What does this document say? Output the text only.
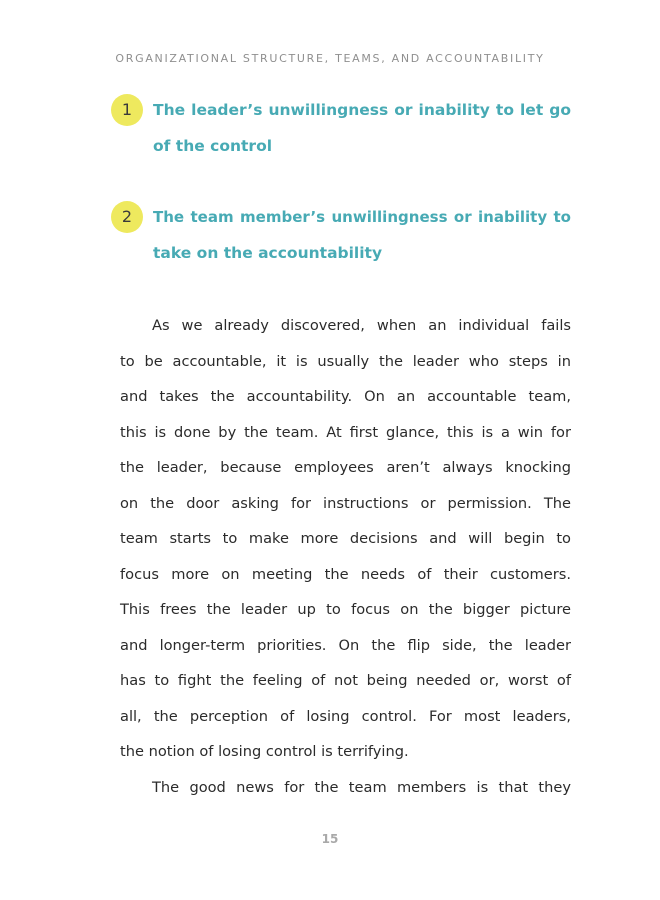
ORGANIZATIONAL STRUCTURE, TEAMS, AND ACCOUNTABILITY
1	The leader’s unwillingness or inability to let go
of the control
2	The team member’s unwillingness or inability to
take on the accountability
As we already discovered, when an individual fails
to be accountable, it is usually the leader who steps in
and takes the accountability. On an accountable team,
this is done by the team. At first glance, this is a win for
the leader, because employees aren’t always knocking
on the door asking for instructions or permission. The
team starts to make more decisions and will begin to
focus more on meeting the needs of their customers.
This frees the leader up to focus on the bigger picture
and longer-term priorities. On the flip side, the leader
has to fight the feeling of not being needed or, worst of
all, the perception of losing control. For most leaders,
the notion of losing control is terrifying.
The good news for the team members is that they
15
